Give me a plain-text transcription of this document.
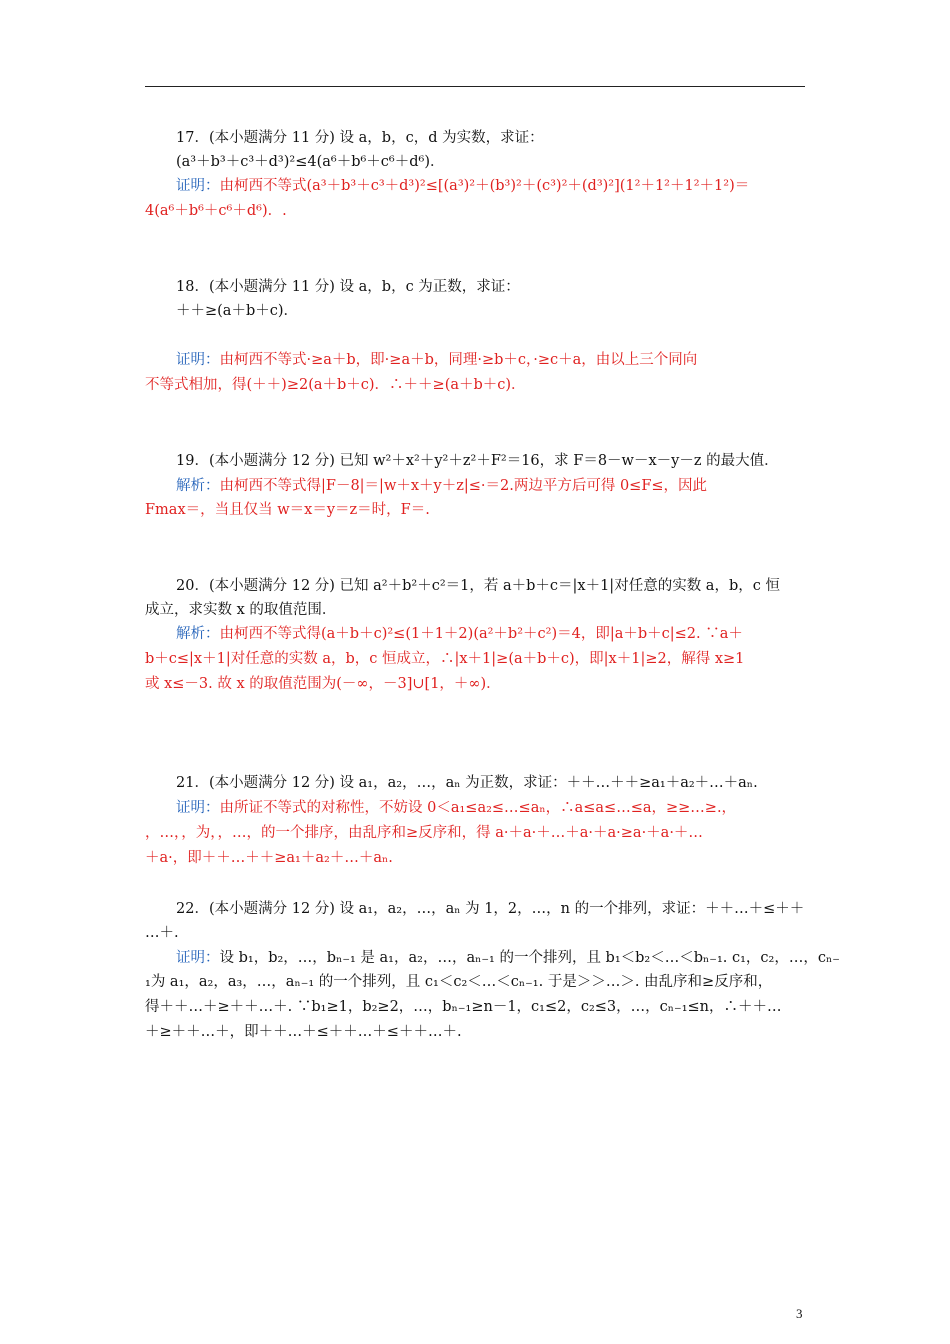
17．(本小题满分 11 分) 设 a，b，c，d 为实数，求证：
(a³＋b³＋c³＋d³)²≤4(a⁶＋b⁶＋c⁶＋d⁶)．
证明：由柯西不等式(a³＋b³＋c³＋d³)²≤[(a³)²＋(b³)²＋(c³)²＋(d³)²](1²＋1²＋1²＋1²)＝
4(a⁶＋b⁶＋c⁶＋d⁶)．.
18．(本小题满分 11 分) 设 a，b，c 为正数，求证：
＋＋≥(a＋b＋c)．
证明：由柯西不等式·≥a＋b，即·≥a＋b，同理·≥b＋c，·≥c＋a，由以上三个同向
不等式相加，得(＋＋)≥2(a＋b＋c)．∴＋＋≥(a＋b＋c)．
19．(本小题满分 12 分) 已知 w²＋x²＋y²＋z²＋F²＝16，求 F＝8－w－x－y－z 的最大值．
解析：由柯西不等式得|F－8|＝|w＋x＋y＋z|≤·＝2.两边平方后可得 0≤F≤，因此
Fmax＝，当且仅当 w＝x＝y＝z＝时，F＝.
20．(本小题满分 12 分) 已知 a²＋b²＋c²＝1，若 a＋b＋c＝|x＋1|对任意的实数 a，b，c 恒
成立，求实数 x 的取值范围．
解析：由柯西不等式得(a＋b＋c)²≤(1＋1＋2)(a²＋b²＋c²)＝4，即|a＋b＋c|≤2. ∵a＋
b＋c≤|x＋1|对任意的实数 a，b，c 恒成立，∴|x＋1|≥(a＋b＋c)，即|x＋1|≥2，解得 x≥1
或 x≤－3. 故 x 的取值范围为(－∞，－3]∪[1，＋∞)．
21．(本小题满分 12 分) 设 a₁，a₂，…，aₙ 为正数，求证：＋＋…＋＋≥a₁＋a₂＋…＋aₙ.
证明：由所证不等式的对称性，不妨设 0＜a₁≤a₂≤…≤aₙ，∴a≤a≤…≤a，≥≥…≥.，
，…，，为，，…，的一个排序，由乱序和≥反序和，得 a·＋a·＋…＋a·＋a·≥a·＋a·＋…
＋a·，即＋＋…＋＋≥a₁＋a₂＋…＋aₙ.
22．(本小题满分 12 分) 设 a₁，a₂，…，aₙ 为 1，2，…，n 的一个排列，求证：＋＋…＋≤＋＋
…＋.
证明：设 b₁，b₂，…，bₙ₋₁ 是 a₁，a₂，…，aₙ₋₁ 的一个排列，且 b₁＜b₂＜…＜bₙ₋₁. c₁，c₂，…，cₙ₋
₁为 a₁，a₂，a₃，…，aₙ₋₁ 的一个排列，且 c₁＜c₂＜…＜cₙ₋₁. 于是＞＞…＞. 由乱序和≥反序和，
得＋＋…＋≥＋＋…＋. ∵b₁≥1，b₂≥2，…，bₙ₋₁≥n－1，c₁≤2，c₂≤3，…，cₙ₋₁≤n，∴＋＋…
＋≥＋＋…＋，即＋＋…＋≤＋＋…＋≤＋＋…＋.
3
